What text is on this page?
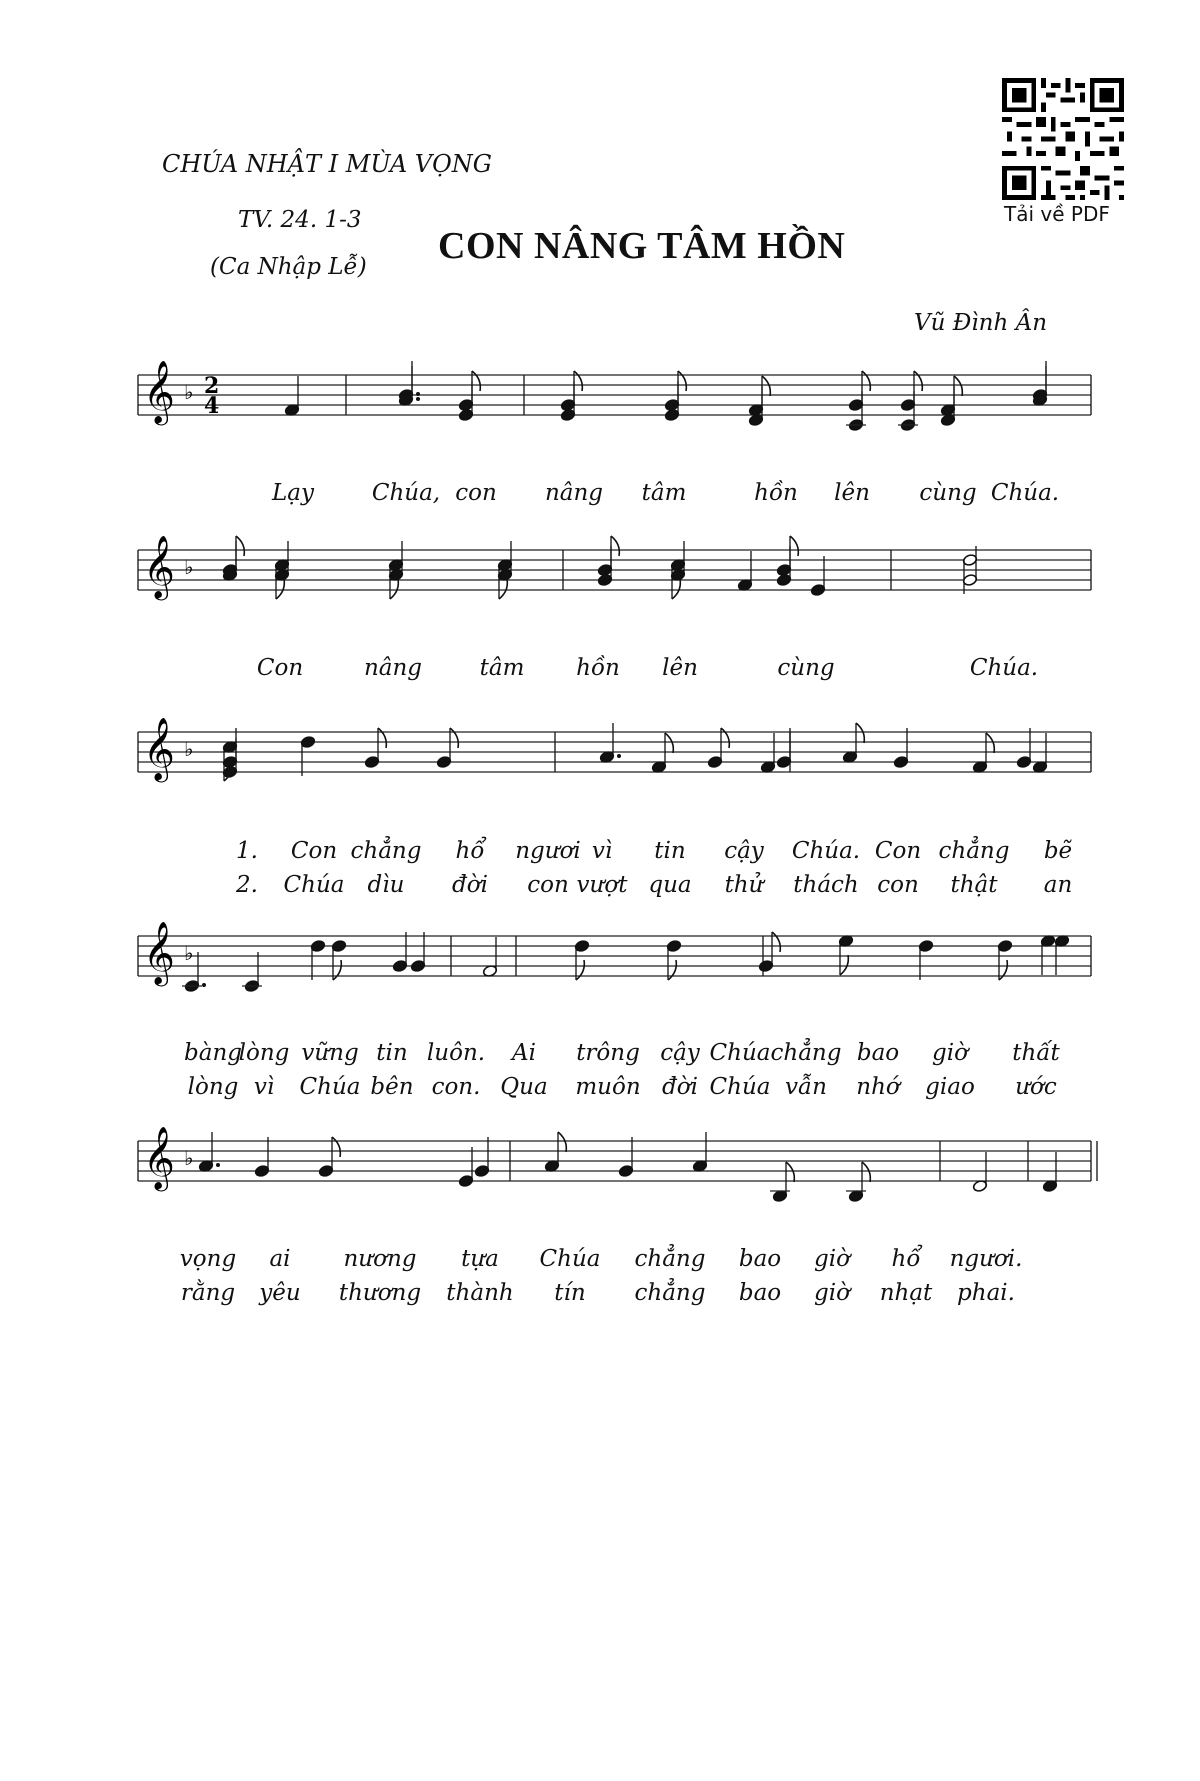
CHÚA NHẬT I MÙA VỌNG
TV. 24. 1-3
(Ca Nhập Lễ) CON NÂNG TÂM HỒN
Vũ Đình Ân
Tải về PDF
𝄞 ♭ 2
4
Lạy	Chúa, con nâng tâm	hồn lên cùng Chúa.
𝄞 ♭
Con	nâng	tâm hồn lên	cùng	Chúa.
𝄞 ♭
1. Con chẳng hổ ngươi vì tin cậy Chúa. Con chẳng bẽ
2. Chúa dìu đời con vượt qua thử thách con thật an
𝄞 ♭
bàng
lòng vững tin luôn. Ai trông cậy Chúa chẳng bao giờ thất
lòng vì Chúa bên con. Qua muôn đời Chúa vẫn nhớ giao ước
𝄞 ♭
vọng ai nương tựa Chúa chẳng bao giờ hổ ngươi.
rằng yêu thương thành tín chẳng bao giờ nhạt phai.
